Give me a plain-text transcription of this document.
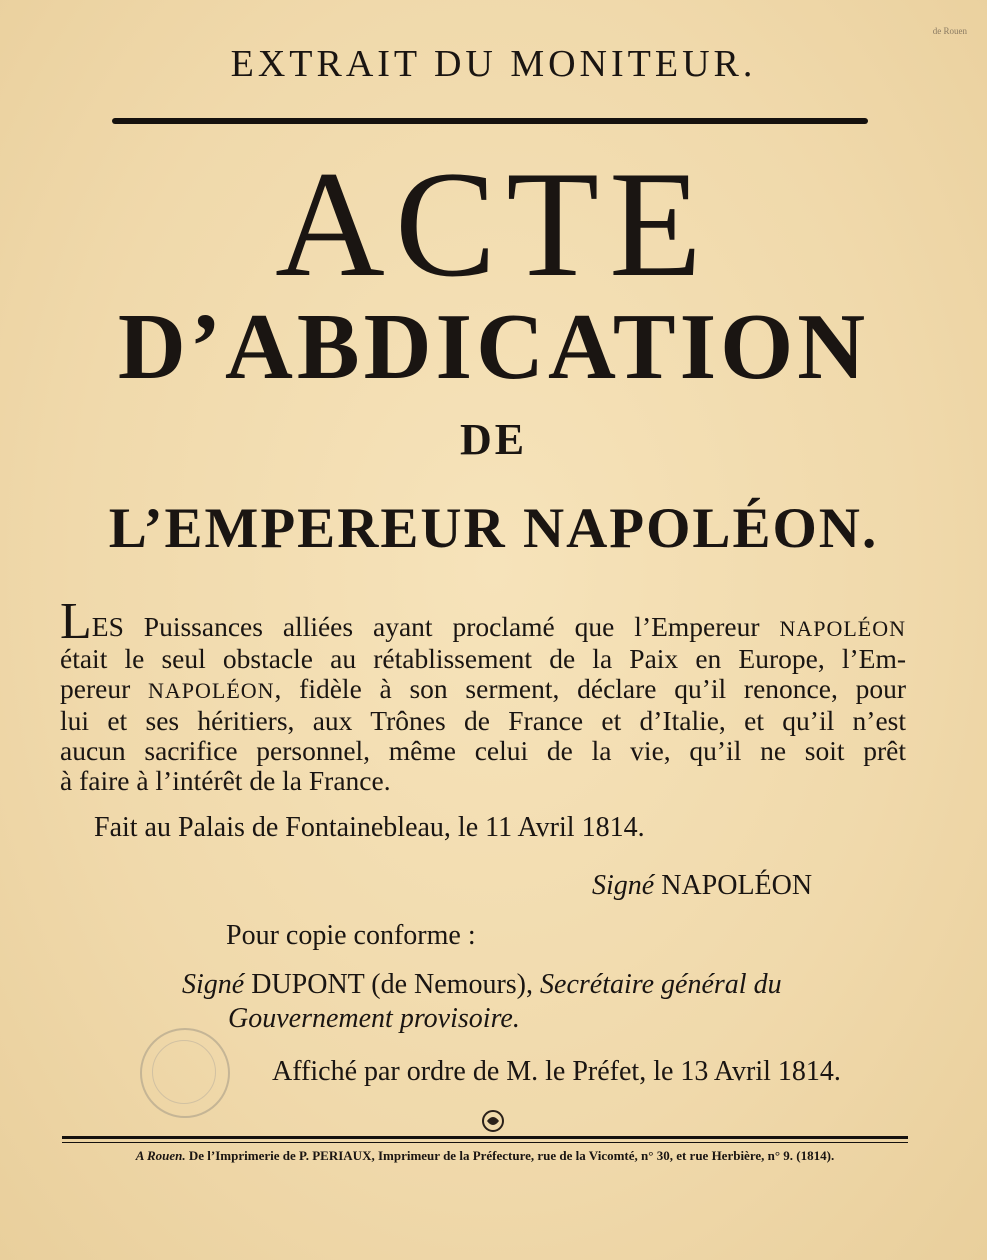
de Rouen
EXTRAIT DU MONITEUR.
ACTE
D’ABDICATION
DE
L’EMPEREUR NAPOLÉON.
LES Puissances alliées ayant proclamé que l’Empereur NAPOLÉON
était le seul obstacle au rétablissement de la Paix en Europe, l’Em-
pereur NAPOLÉON, fidèle à son serment, déclare qu’il renonce, pour
lui et ses héritiers, aux Trônes de France et d’Italie, et qu’il n’est
aucun sacrifice personnel, même celui de la vie, qu’il ne soit prêt
à faire à l’intérêt de la France.
Fait au Palais de Fontainebleau, le 11 Avril 1814.
Signé NAPOLÉON
Pour copie conforme :
Signé DUPONT (de Nemours), Secrétaire général du
Gouvernement provisoire.
Affiché par ordre de M. le Préfet, le 13 Avril 1814.
A Rouen. De l’Imprimerie de P. PERIAUX, Imprimeur de la Préfecture, rue de la Vicomté, n° 30, et rue Herbière, n° 9. (1814).
